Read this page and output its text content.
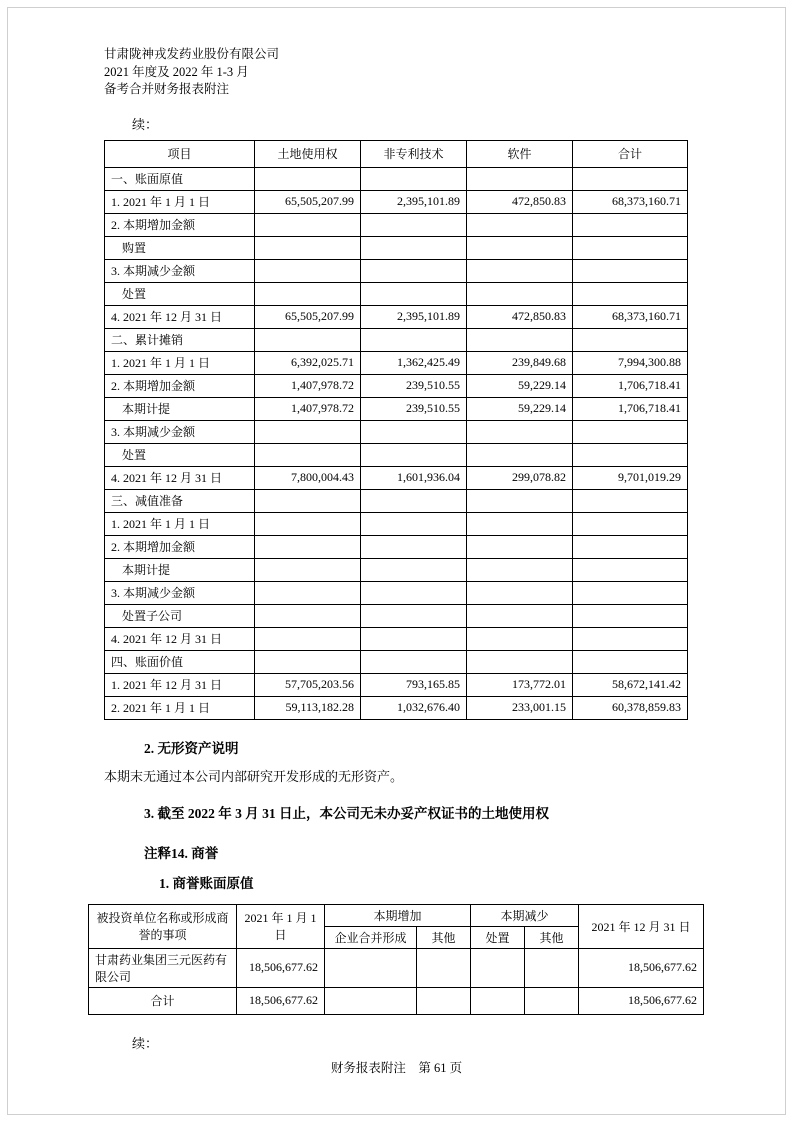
甘肃陇神戎发药业股份有限公司
2021 年度及 2022 年 1-3 月
备考合并财务报表附注
续：
项目	土地使用权	非专利技术	软件	合计
一、账面原值				
1. 2021 年 1 月 1 日	65,505,207.99	2,395,101.89	472,850.83	68,373,160.71
2. 本期增加金额				
购置				
3. 本期减少金额				
处置				
4. 2021 年 12 月 31 日	65,505,207.99	2,395,101.89	472,850.83	68,373,160.71
二、累计摊销				
1. 2021 年 1 月 1 日	6,392,025.71	1,362,425.49	239,849.68	7,994,300.88
2. 本期增加金额	1,407,978.72	239,510.55	59,229.14	1,706,718.41
本期计提	1,407,978.72	239,510.55	59,229.14	1,706,718.41
3. 本期减少金额				
处置				
4. 2021 年 12 月 31 日	7,800,004.43	1,601,936.04	299,078.82	9,701,019.29
三、减值准备				
1. 2021 年 1 月 1 日				
2. 本期增加金额				
本期计提				
3. 本期减少金额				
处置子公司				
4. 2021 年 12 月 31 日				
四、账面价值				
1. 2021 年 12 月 31 日	57,705,203.56	793,165.85	173,772.01	58,672,141.42
2. 2021 年 1 月 1 日	59,113,182.28	1,032,676.40	233,001.15	60,378,859.83
2. 无形资产说明
本期末无通过本公司内部研究开发形成的无形资产。
3. 截至 2022 年 3 月 31 日止，本公司无未办妥产权证书的土地使用权
注释14. 商誉
1. 商誉账面原值
被投资单位名称或形成商誉的事项	2021 年 1 月 1 日	本期增加		本期减少		2021 年 12 月 31 日
		企业合并形成	其他	处置	其他	
甘肃药业集团三元医药有限公司	18,506,677.62					18,506,677.62
合计	18,506,677.62					18,506,677.62
续：
财务报表附注　第 61 页
